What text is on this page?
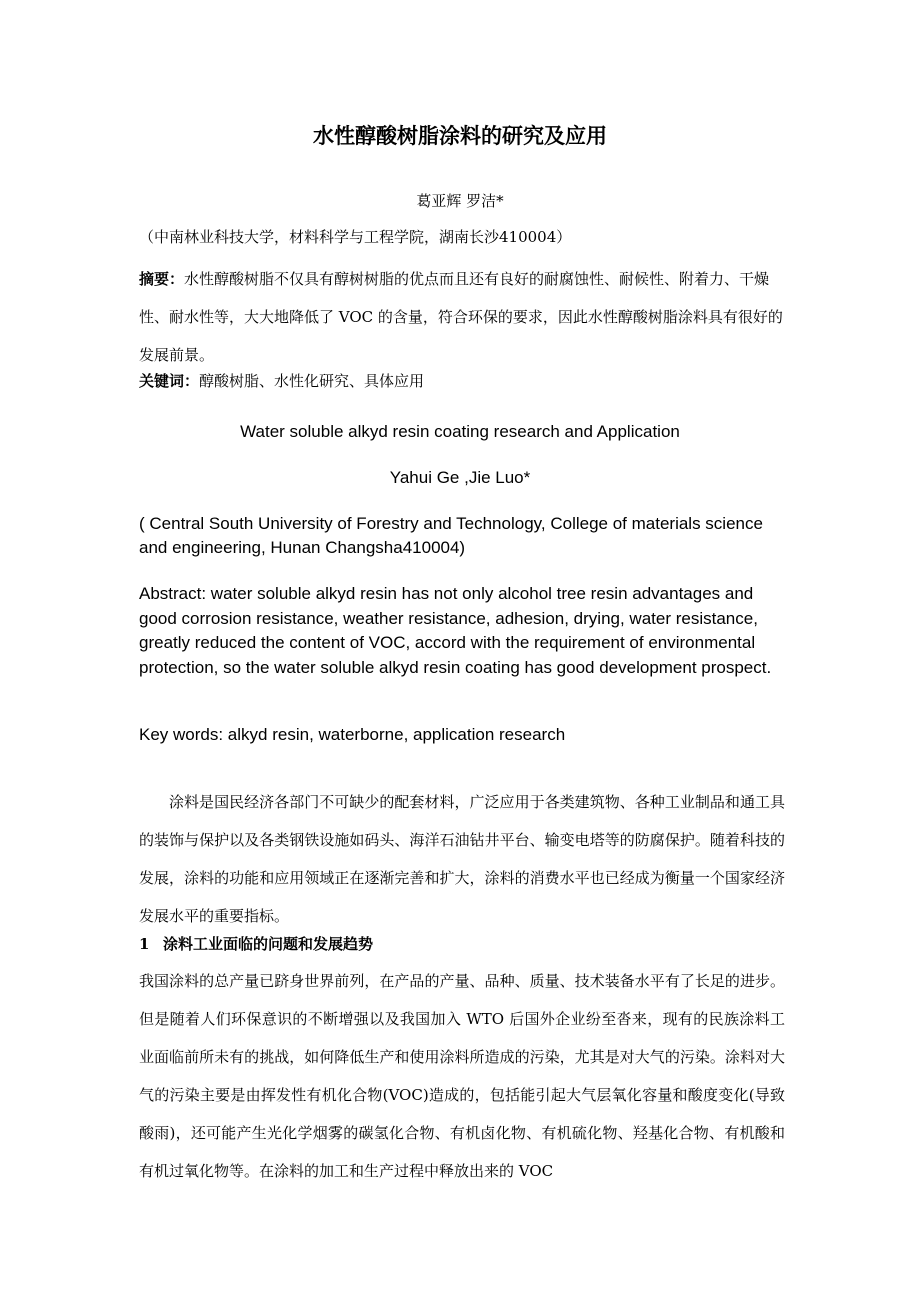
水性醇酸树脂涂料的研究及应用
葛亚辉 罗洁*
（中南林业科技大学，材料科学与工程学院，湖南长沙410004）

摘要：水性醇酸树脂不仅具有醇树树脂的优点而且还有良好的耐腐蚀性、耐候性、附着力、干燥性、耐水性等，大大地降低了 VOC 的含量，符合环保的要求，因此水性醇酸树脂涂料具有很好的发展前景。

关键词：醇酸树脂、水性化研究、具体应用
Water soluble alkyd resin coating research and Application
Yahui Ge ,Jie Luo*

( Central South University of Forestry and Technology, College of materials science and engineering, Hunan Changsha410004)

Abstract: water soluble alkyd resin has not only alcohol tree resin advantages and good corrosion resistance, weather resistance, adhesion, drying, water resistance, greatly reduced the content of VOC, accord with the requirement of environmental protection, so the water soluble alkyd resin coating has good development prospect.

Key words: alkyd resin, waterborne, application research

涂料是国民经济各部门不可缺少的配套材料，广泛应用于各类建筑物、各种工业制品和通工具的装饰与保护以及各类钢铁设施如码头、海洋石油钻井平台、输变电塔等的防腐保护。随着科技的发展，涂料的功能和应用领域正在逐渐完善和扩大，涂料的消费水平也已经成为衡量一个国家经济发展水平的重要指标。

1 涂料工业面临的问题和发展趋势

我国涂料的总产量已跻身世界前列，在产品的产量、品种、质量、技术装备水平有了长足的进步。但是随着人们环保意识的不断增强以及我国加入 WTO 后国外企业纷至沓来，现有的民族涂料工业面临前所未有的挑战，如何降低生产和使用涂料所造成的污染，尤其是对大气的污染。涂料对大气的污染主要是由挥发性有机化合物(VOC)造成的，包括能引起大气层氧化容量和酸度变化(导致酸雨)，还可能产生光化学烟雾的碳氢化合物、有机卤化物、有机硫化物、羟基化合物、有机酸和有机过氧化物等。在涂料的加工和生产过程中释放出来的 VOC
